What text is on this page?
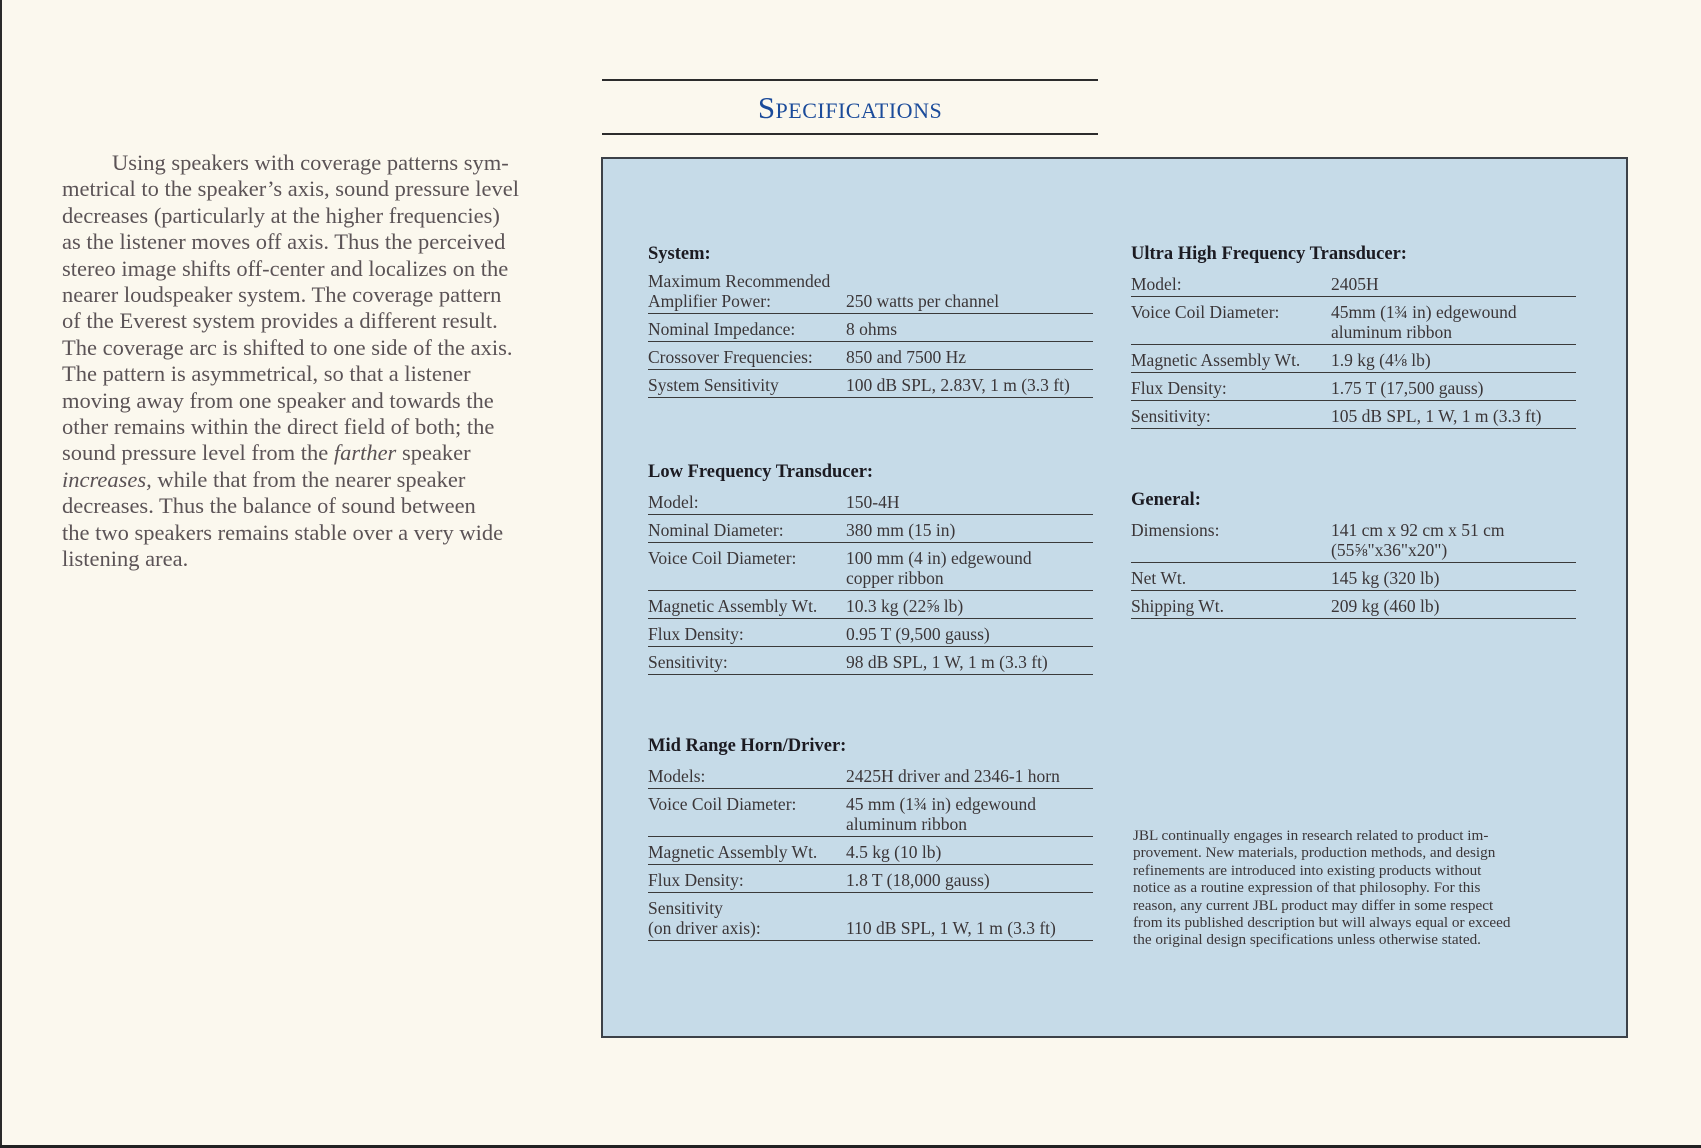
Using speakers with coverage patterns sym-
metrical to the speaker’s axis, sound pressure level
decreases (particularly at the higher frequencies)
as the listener moves off axis. Thus the perceived
stereo image shifts off-center and localizes on the
nearer loudspeaker system. The coverage pattern
of the Everest system provides a different result.
The coverage arc is shifted to one side of the axis.
The pattern is asymmetrical, so that a listener
moving away from one speaker and towards the
other remains within the direct field of both; the
sound pressure level from the farther speaker
increases, while that from the nearer speaker
decreases. Thus the balance of sound between
the two speakers remains stable over a very wide
listening area.
Specifications
System:
Maximum Recommended
Amplifier Power:	250 watts per channel
Nominal Impedance:	8 ohms
Crossover Frequencies:	850 and 7500 Hz
System Sensitivity	100 dB SPL, 2.83V, 1 m (3.3 ft)
Low Frequency Transducer:
Model:	150-4H
Nominal Diameter:	380 mm (15 in)
Voice Coil Diameter:	100 mm (4 in) edgewound
copper ribbon
Magnetic Assembly Wt.	10.3 kg (22⅝ lb)
Flux Density:	0.95 T (9,500 gauss)
Sensitivity:	98 dB SPL, 1 W, 1 m (3.3 ft)
Mid Range Horn/Driver:
Models:	2425H driver and 2346-1 horn
Voice Coil Diameter:	45 mm (1¾ in) edgewound
aluminum ribbon
Magnetic Assembly Wt.	4.5 kg (10 lb)
Flux Density:	1.8 T (18,000 gauss)
Sensitivity
(on driver axis):	110 dB SPL, 1 W, 1 m (3.3 ft)
Ultra High Frequency Transducer:
Model:	2405H
Voice Coil Diameter:	45mm (1¾ in) edgewound
aluminum ribbon
Magnetic Assembly Wt.	1.9 kg (4⅛ lb)
Flux Density:	1.75 T (17,500 gauss)
Sensitivity:	105 dB SPL, 1 W, 1 m (3.3 ft)
General:
Dimensions:	141 cm x 92 cm x 51 cm
(55⅝"x36"x20")
Net Wt.	145 kg (320 lb)
Shipping Wt.	209 kg (460 lb)
JBL continually engages in research related to product im-
provement. New materials, production methods, and design
refinements are introduced into existing products without
notice as a routine expression of that philosophy. For this
reason, any current JBL product may differ in some respect
from its published description but will always equal or exceed
the original design specifications unless otherwise stated.
